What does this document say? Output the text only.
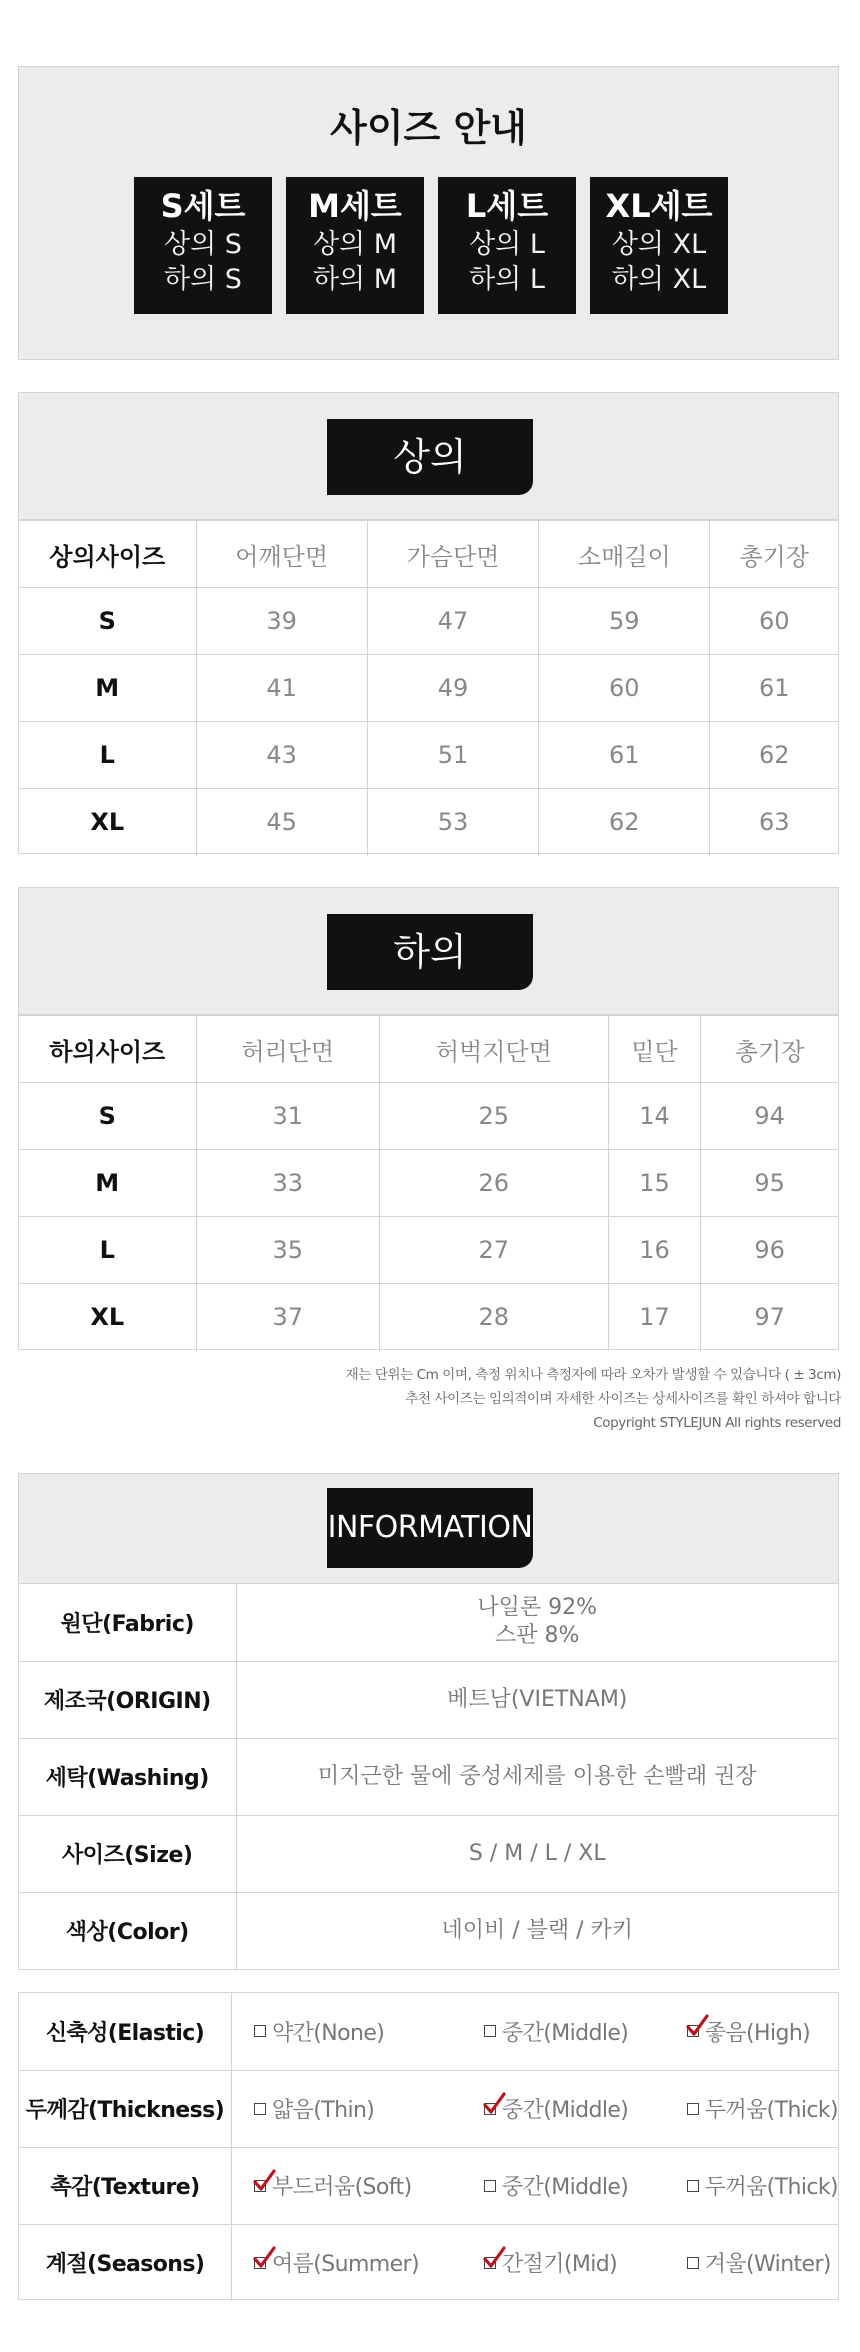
사이즈 안내
S세트
상의 S
하의 S
M세트
상의 M
하의 M
L세트
상의 L
하의 L
XL세트
상의 XL
하의 XL
상의
상의사이즈	어깨단면	가슴단면	소매길이	총기장
S	39	47	59	60
M	41	49	60	61
L	43	51	61	62
XL	45	53	62	63
하의
하의사이즈	허리단면	허벅지단면	밑단	총기장
S	31	25	14	94
M	33	26	15	95
L	35	27	16	96
XL	37	28	17	97
재는 단위는 Cm 이며, 측정 위치나 측정자에 따라 오차가 발생할 수 있습니다 ( ± 3cm)
추천 사이즈는 임의적이며 자세한 사이즈는 상세사이즈를 확인 하셔야 합니다
Copyright STYLEJUN All rights reserved
INFORMATION
원단(Fabric)	나일론 92%
스판 8%

제조국(ORIGIN)	베트남(VIETNAM)
세탁(Washing)	미지근한 물에 중성세제를 이용한 손빨래 권장
사이즈(Size)	S / M / L / XL
색상(Color)	네이비 / 블랙 / 카키
신축성(Elastic)	약간(None)	중간(Middle)	좋음(High)

두께감(Thickness)	얇음(Thin)	중간(Middle)	두꺼움(Thick)

촉감(Texture)	부드러움(Soft)	중간(Middle)	두꺼움(Thick)

계절(Seasons)	여름(Summer)	간절기(Mid)	겨울(Winter)
